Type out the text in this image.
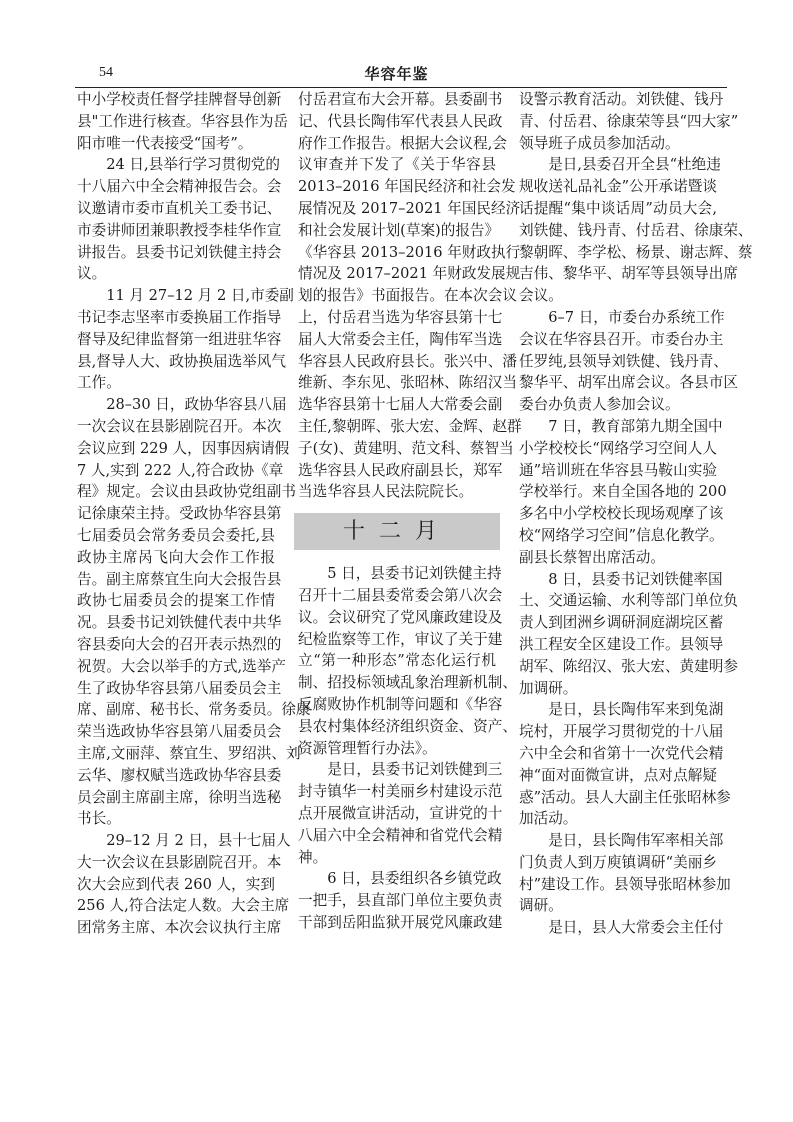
54	华容年鉴
中小学校责任督学挂牌督导创新
县"工作进行核查。华容县作为岳
阳市唯一代表接受“国考”。
24 日,县举行学习贯彻党的
十八届六中全会精神报告会。会
议邀请市委市直机关工委书记、
市委讲师团兼职教授李桂华作宣
讲报告。县委书记刘铁健主持会
议。
11 月 27–12 月 2 日,市委副
书记李志坚率市委换届工作指导
督导及纪律监督第一组进驻华容
县,督导人大、政协换届选举风气
工作。
28–30 日，政协华容县八届
一次会议在县影剧院召开。本次
会议应到 229 人，因事因病请假
7 人,实到 222 人,符合政协《章
程》规定。会议由县政协党组副书
记徐康荣主持。受政协华容县第
七届委员会常务委员会委托,县
政协主席呙飞向大会作工作报
告。副主席蔡宜生向大会报告县
政协七届委员会的提案工作情
况。县委书记刘铁健代表中共华
容县委向大会的召开表示热烈的
祝贺。大会以举手的方式,选举产
生了政协华容县第八届委员会主
席、副席、秘书长、常务委员。徐康
荣当选政协华容县第八届委员会
主席,文丽萍、蔡宜生、罗绍洪、刘
云华、廖权赋当选政协华容县委
员会副主席副主席，徐明当选秘
书长。
29–12 月 2 日，县十七届人
大一次会议在县影剧院召开。本
次大会应到代表 260 人，实到
256 人,符合法定人数。大会主席
团常务主席、本次会议执行主席
付岳君宣布大会开幕。县委副书
记、代县长陶伟军代表县人民政
府作工作报告。根据大会议程,会
议审查并下发了《关于华容县
2013–2016 年国民经济和社会发
展情况及 2017–2021 年国民经济
和社会发展计划(草案)的报告》
《华容县 2013–2016 年财政执行
情况及 2017–2021 年财政发展规
划的报告》书面报告。在本次会议
上，付岳君当选为华容县第十七
届人大常委会主任，陶伟军当选
华容县人民政府县长。张兴中、潘
维新、李东见、张昭林、陈绍汉当
选华容县第十七届人大常委会副
主任,黎朝晖、张大宏、金辉、赵群
子(女)、黄建明、范文科、蔡智当
选华容县人民政府副县长，郑军
当选华容县人民法院院长。
十二月
5 日，县委书记刘铁健主持
召开十二届县委常委会第八次会
议。会议研究了党风廉政建设及
纪检监察等工作，审议了关于建
立“第一种形态”常态化运行机
制、招投标领域乱象治理新机制、
反腐败协作机制等问题和《华容
县农村集体经济组织资金、资产、
资源管理暂行办法》。
是日，县委书记刘铁健到三
封寺镇华一村美丽乡村建设示范
点开展微宣讲活动，宣讲党的十
八届六中全会精神和省党代会精
神。
6 日，县委组织各乡镇党政
一把手，县直部门单位主要负责
干部到岳阳监狱开展党风廉政建
设警示教育活动。刘铁健、钱丹
青、付岳君、徐康荣等县“四大家”
领导班子成员参加活动。
是日,县委召开全县“杜绝违
规收送礼品礼金”公开承诺暨谈
话提醒“集中谈话周”动员大会,
刘铁健、钱丹青、付岳君、徐康荣、
黎朝晖、李学松、杨景、谢志辉、蔡
吉伟、黎华平、胡军等县领导出席
会议。
6–7 日，市委台办系统工作
会议在华容县召开。市委台办主
任罗纯,县领导刘铁健、钱丹青、
黎华平、胡军出席会议。各县市区
委台办负责人参加会议。
7 日，教育部第九期全国中
小学校校长“网络学习空间人人
通”培训班在华容县马鞍山实验
学校举行。来自全国各地的 200
多名中小学校校长现场观摩了该
校“网络学习空间”信息化教学。
副县长蔡智出席活动。
8 日，县委书记刘铁健率国
土、交通运输、水利等部门单位负
责人到团洲乡调研洞庭湖垸区蓄
洪工程安全区建设工作。县领导
胡军、陈绍汉、张大宏、黄建明参
加调研。
是日，县长陶伟军来到兔湖
垸村，开展学习贯彻党的十八届
六中全会和省第十一次党代会精
神“面对面微宣讲，点对点解疑
惑”活动。县人大副主任张昭林参
加活动。
是日，县长陶伟军率相关部
门负责人到万庾镇调研“美丽乡
村”建设工作。县领导张昭林参加
调研。
是日，县人大常委会主任付
